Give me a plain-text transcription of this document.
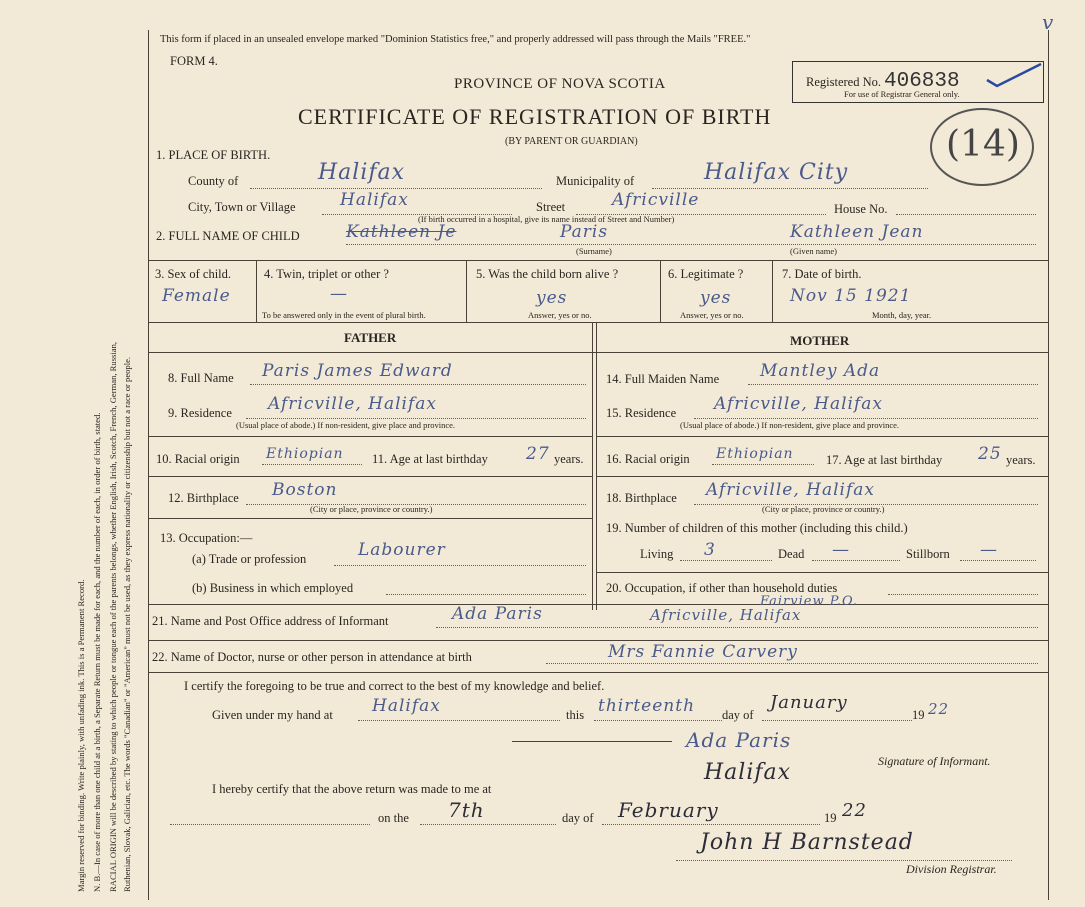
Margin reserved for binding. Write plainly, with unfading ink. This is a Permanent Record. N. B.—In case of more than one child at a birth, a Separate Return must be made for each, and the number of each, in order of birth, stated. RACIAL ORIGIN will be described by stating to which people or tongue each of the parents belongs, whether English, Irish, Scotch, French, German, Russian, Ruthenian, Slovak, Galician, etc. The words "Canadian" or "American" must not be used, as they express nationality or citizenship but not a race or people.
This form if placed in an unsealed envelope marked "Dominion Statistics free," and properly addressed will pass through the Mails "FREE."
v
FORM 4.
PROVINCE OF NOVA SCOTIA
CERTIFICATE OF REGISTRATION OF BIRTH
(BY PARENT OR GUARDIAN)
Registered No. 406838
For use of Registrar General only.
(14)
1. PLACE OF BIRTH.
County of	Halifax	Municipality of	Halifax City
City, Town or Village	Halifax	Street	Africville	House No.
(If birth occurred in a hospital, give its name instead of Street and Number)
2. FULL NAME OF CHILD	Kathleen Je	Paris	Kathleen Jean
(Surname)	(Given name)
3. Sex of child.
Female
4. Twin, triplet or other ?
—
To be answered only in the event of plural birth.
5. Was the child born alive ?
yes
Answer, yes or no.
6. Legitimate ?
yes
Answer, yes or no.
7. Date of birth.
Nov 15 1921
Month, day, year.
FATHER	MOTHER
8. Full Name Paris James Edward
9. Residence Africville, Halifax
(Usual place of abode.) If non-resident, give place and province.
10. Racial origin Ethiopian 11. Age at last birthday 27 years.
12. Birthplace Boston
(City or place, province or country.)
13. Occupation:—
(a) Trade or profession	Labourer
(b) Business in which employed
14. Full Maiden Name Mantley Ada
15. Residence Africville, Halifax
(Usual place of abode.) If non-resident, give place and province.
16. Racial origin Ethiopian	17. Age at last birthday 25 years.
18. Birthplace Africville, Halifax
(City or place, province or country.)
19. Number of children of this mother (including this child.)
Living 3	Dead —	Stillborn —
20. Occupation, if other than household duties
21. Name and Post Office address of Informant	Ada Paris	Africville, Halifax
Fairview P.O.
22. Name of Doctor, nurse or other person in attendance at birth	Mrs Fannie Carvery
I certify the foregoing to be true and correct to the best of my knowledge and belief.
Given under my hand at Halifax	this thirteenth day of
January
19 22
Ada Paris
Signature of Informant.
I hereby certify that the above return was made to me at
Halifax
on the 7th	day of February	19 22
John H Barnstead
Division Registrar.
